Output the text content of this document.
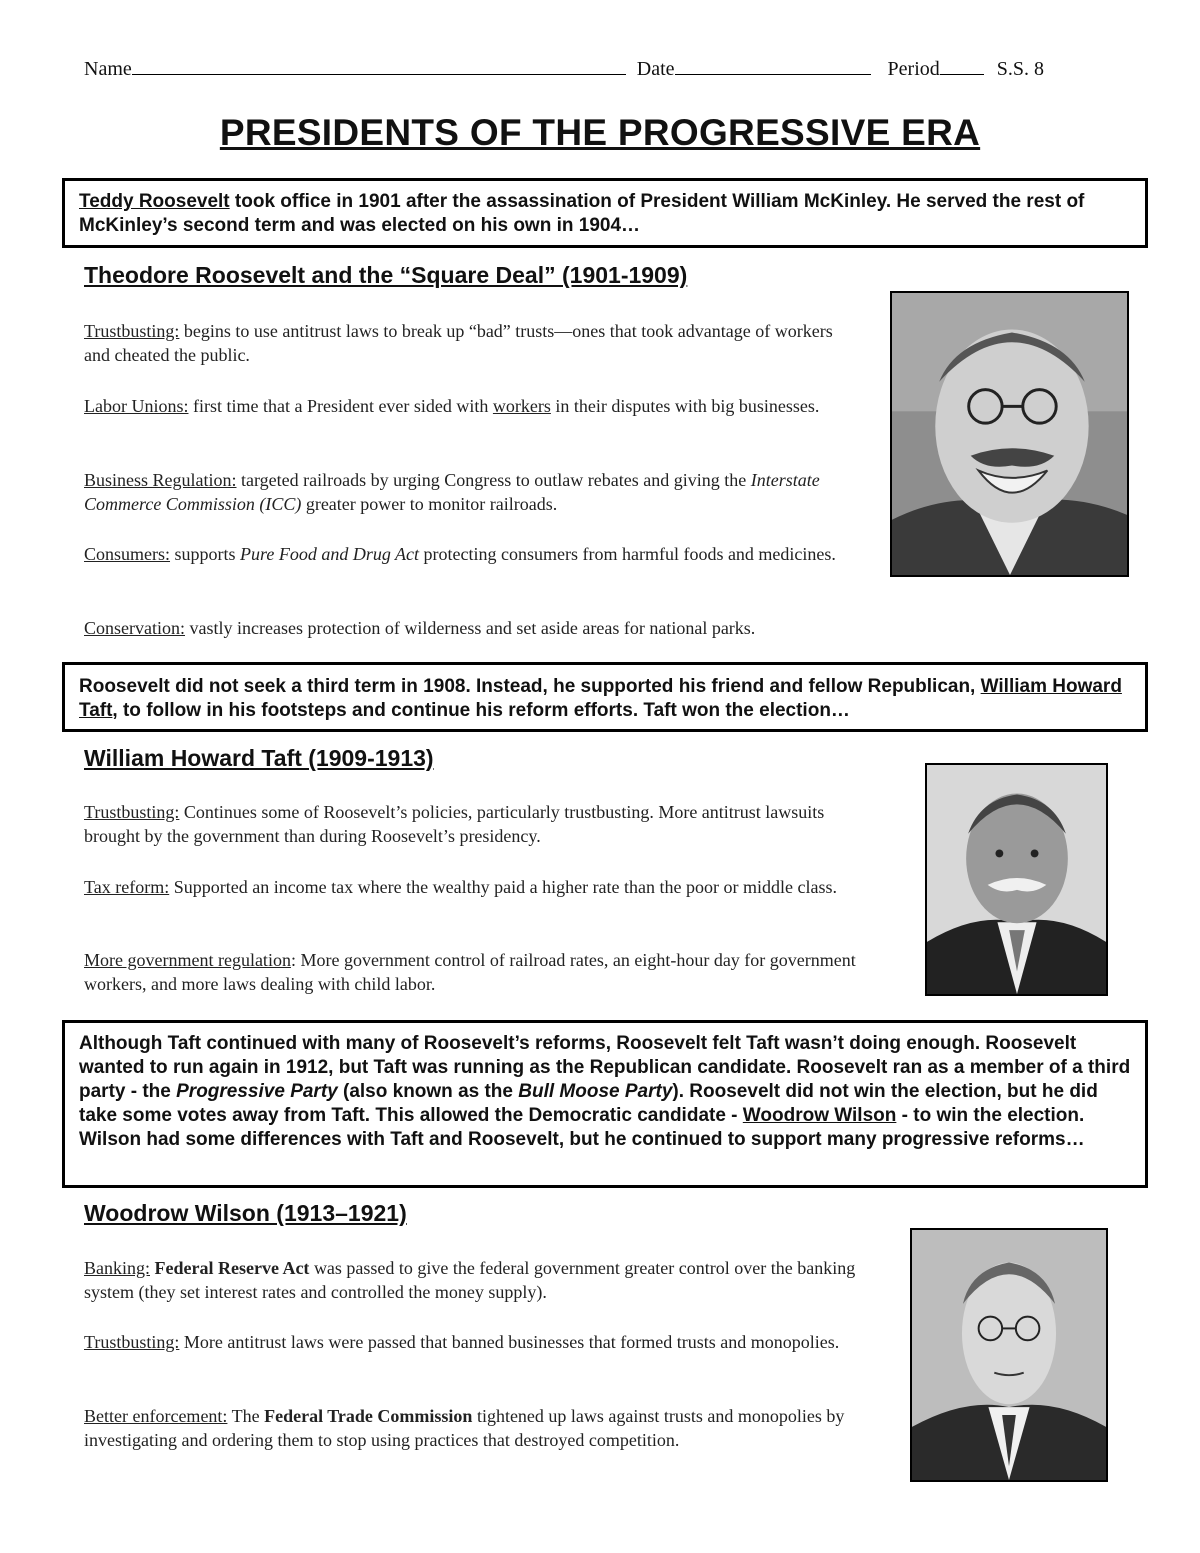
Name	Date	Period	S.S. 8
PRESIDENTS OF THE PROGRESSIVE ERA
Teddy Roosevelt took office in 1901 after the assassination of President William McKinley. He served the rest of McKinley’s second term and was elected on his own in 1904…
Theodore Roosevelt and the “Square Deal” (1901-1909)
Trustbusting: begins to use antitrust laws to break up “bad” trusts—ones that took advantage of workers and cheated the public.
Labor Unions: first time that a President ever sided with workers in their disputes with big businesses.
Business Regulation: targeted railroads by urging Congress to outlaw rebates and giving the Interstate Commerce Commission (ICC) greater power to monitor railroads.
Consumers: supports Pure Food and Drug Act protecting consumers from harmful foods and medicines.
Conservation: vastly increases protection of wilderness and set aside areas for national parks.
Roosevelt did not seek a third term in 1908. Instead, he supported his friend and fellow Republican, William Howard Taft, to follow in his footsteps and continue his reform efforts. Taft won the election…
William Howard Taft (1909-1913)
Trustbusting: Continues some of Roosevelt’s policies, particularly trustbusting. More antitrust lawsuits brought by the government than during Roosevelt’s presidency.
Tax reform: Supported an income tax where the wealthy paid a higher rate than the poor or middle class.
More government regulation: More government control of railroad rates, an eight-hour day for government workers, and more laws dealing with child labor.
Although Taft continued with many of Roosevelt’s reforms, Roosevelt felt Taft wasn’t doing enough. Roosevelt wanted to run again in 1912, but Taft was running as the Republican candidate. Roosevelt ran as a member of a third party - the Progressive Party (also known as the Bull Moose Party). Roosevelt did not win the election, but he did take some votes away from Taft. This allowed the Democratic candidate - Woodrow Wilson - to win the election. Wilson had some differences with Taft and Roosevelt, but he continued to support many progressive reforms…
Woodrow Wilson (1913–1921)
Banking: Federal Reserve Act was passed to give the federal government greater control over the banking system (they set interest rates and controlled the money supply).
Trustbusting: More antitrust laws were passed that banned businesses that formed trusts and monopolies.
Better enforcement: The Federal Trade Commission tightened up laws against trusts and monopolies by investigating and ordering them to stop using practices that destroyed competition.
